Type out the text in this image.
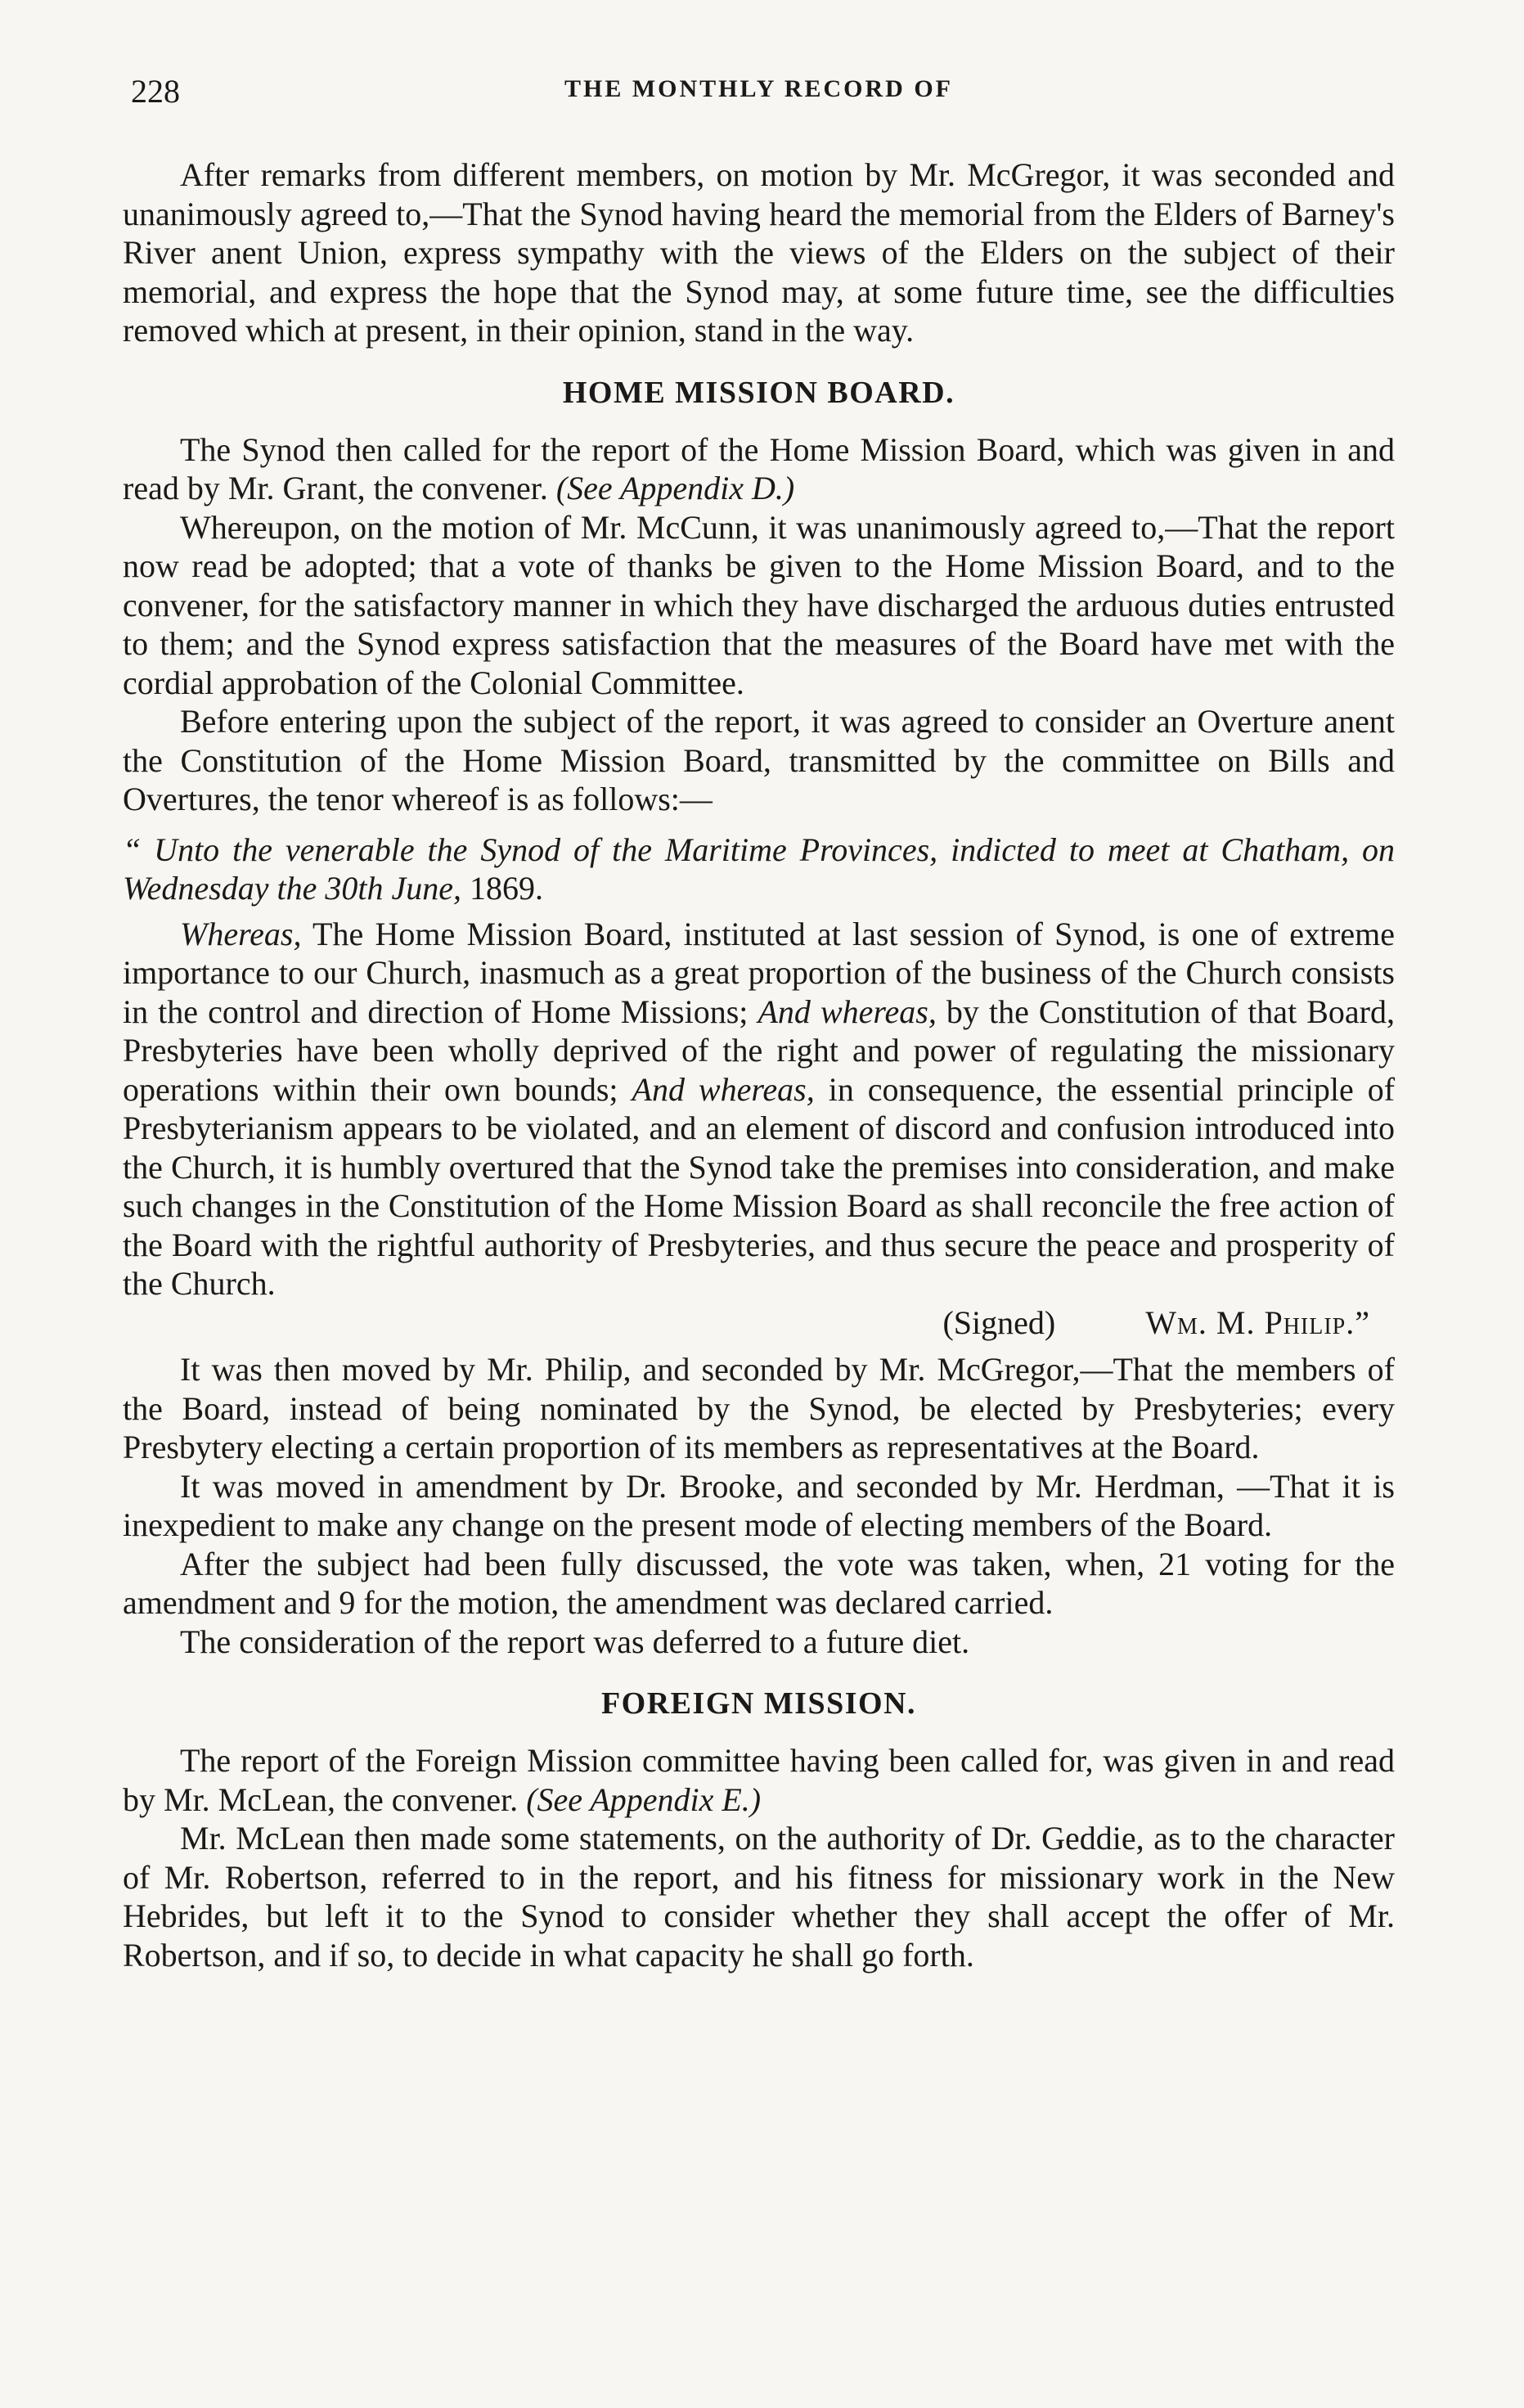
228	THE MONTHLY RECORD OF

After remarks from different members, on motion by Mr. McGregor, it was seconded and unanimously agreed to,—That the Synod having heard the memorial from the Elders of Barney's River anent Union, express sympathy with the views of the Elders on the subject of their memorial, and express the hope that the Synod may, at some future time, see the difficulties removed which at present, in their opinion, stand in the way.

HOME MISSION BOARD.

The Synod then called for the report of the Home Mission Board, which was given in and read by Mr. Grant, the convener. (See Appendix D.)

Whereupon, on the motion of Mr. McCunn, it was unanimously agreed to,—That the report now read be adopted; that a vote of thanks be given to the Home Mission Board, and to the convener, for the satisfactory manner in which they have discharged the arduous duties entrusted to them; and the Synod express satisfaction that the measures of the Board have met with the cordial approbation of the Colonial Committee.

Before entering upon the subject of the report, it was agreed to consider an Overture anent the Constitution of the Home Mission Board, transmitted by the committee on Bills and Overtures, the tenor whereof is as follows:—

“ Unto the venerable the Synod of the Maritime Provinces, indicted to meet at Chatham, on Wednesday the 30th June, 1869.

Whereas, The Home Mission Board, instituted at last session of Synod, is one of extreme importance to our Church, inasmuch as a great proportion of the business of the Church consists in the control and direction of Home Missions; And whereas, by the Constitution of that Board, Presbyteries have been wholly deprived of the right and power of regulating the missionary operations within their own bounds; And whereas, in consequence, the essential principle of Presbyterianism appears to be violated, and an element of discord and confusion introduced into the Church, it is humbly overtured that the Synod take the premises into consideration, and make such changes in the Constitution of the Home Mission Board as shall reconcile the free action of the Board with the rightful authority of Presbyteries, and thus secure the peace and prosperity of the Church.

(Signed)	Wm. M. Philip.”

It was then moved by Mr. Philip, and seconded by Mr. McGregor,—That the members of the Board, instead of being nominated by the Synod, be elected by Presbyteries; every Presbytery electing a certain proportion of its members as representatives at the Board.

It was moved in amendment by Dr. Brooke, and seconded by Mr. Herdman, —That it is inexpedient to make any change on the present mode of electing members of the Board.

After the subject had been fully discussed, the vote was taken, when, 21 voting for the amendment and 9 for the motion, the amendment was declared carried.

The consideration of the report was deferred to a future diet.

FOREIGN MISSION.

The report of the Foreign Mission committee having been called for, was given in and read by Mr. McLean, the convener. (See Appendix E.)

Mr. McLean then made some statements, on the authority of Dr. Geddie, as to the character of Mr. Robertson, referred to in the report, and his fitness for missionary work in the New Hebrides, but left it to the Synod to consider whether they shall accept the offer of Mr. Robertson, and if so, to decide in what capacity he shall go forth.
